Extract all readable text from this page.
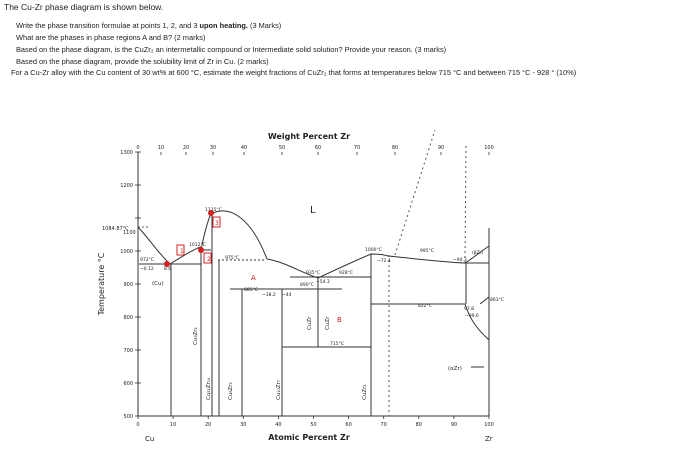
The Cu-Zr phase diagram is shown below.
Write the phase transition formulae at points 1, 2, and 3 upon heating. (3 Marks)
What are the phases in phase regions A and B? (2 marks)
Based on the phase diagram, is the CuZr₂ an intermetallic compound or Intermediate solid solution? Provide your reason. (3 marks)
Based on the phase diagram, provide the solubility limit of Zr in Cu. (2 marks)
For a Cu-Zr alloy with the Cu content of 30 wt% at 600 °C, estimate the weight fractions of CuZr₂ that forms at temperatures below 715 °C and between 715 °C - 928 ° (10%)
1300
1200
1000
900
800
700
600
500
0	10	20	30	40	50	60	70	80	90	100
0	10	20	30	40	50	60	70	80	90	100
Weight Percent Zr
Atomic Percent Zr
Cu	Zr
Temperature °C
1084.87°C
1100
L
A
B
(Cu)
(αZr)
1
2
3
972°C
~0.12 8.6
1012°C
1115°C
975°C
885°C
~38.2 ~44
935°C
~54.3
890°C
928°C
1000°C
~72.4
995°C
~94.3
(βZr)
863°C
822°C
97.8
~99.6
715°C
Cu₉Zr₂
Cu₅₁Zr₁₄	Cu₈Zr₃	Cu₁₀Zr₇
CuZr CuZr
CuZr₂
